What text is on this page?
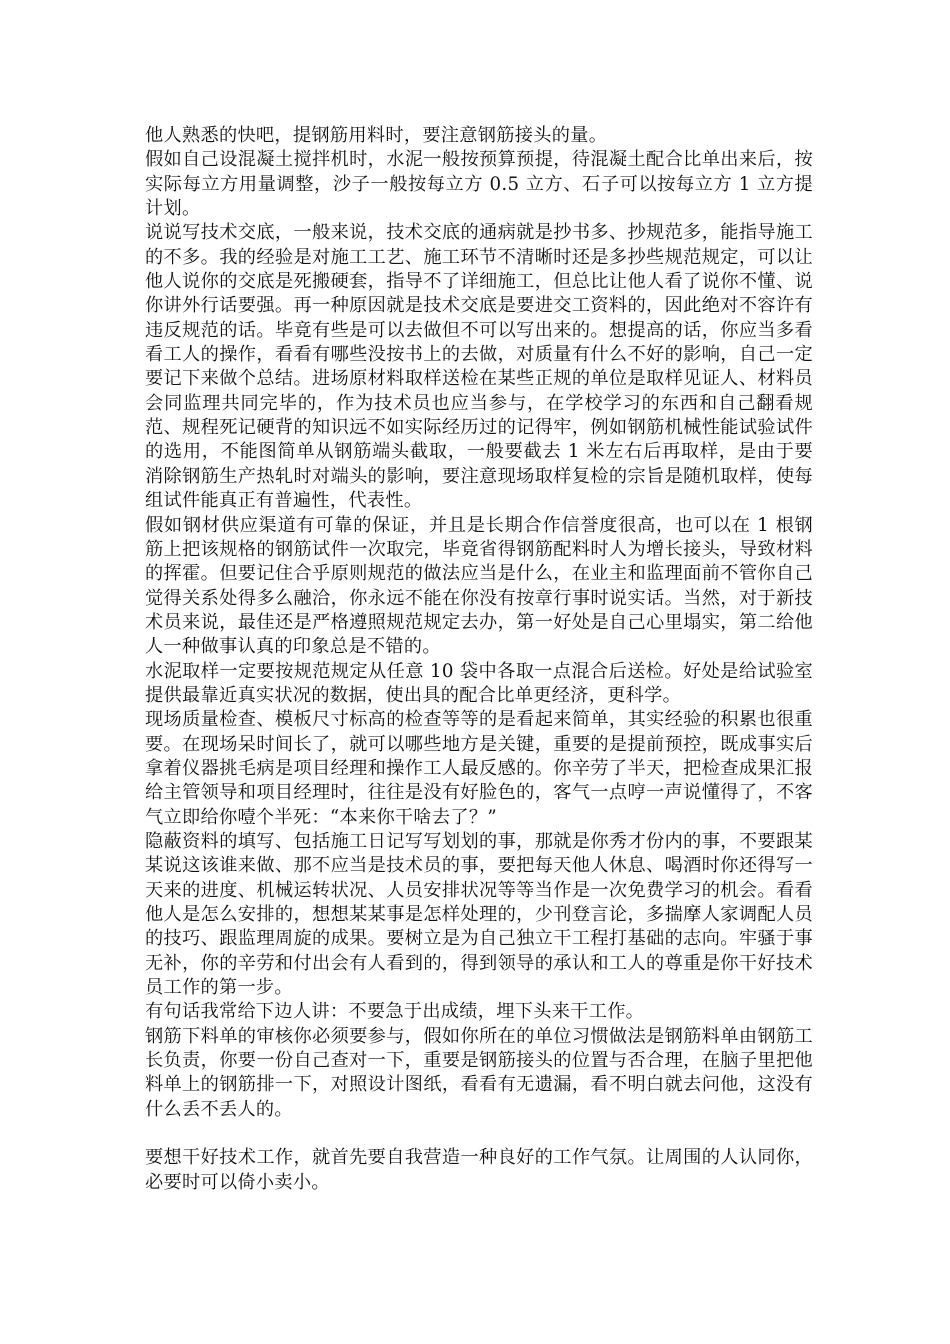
他人熟悉的快吧，提钢筋用料时，要注意钢筋接头的量。

假如自己设混凝土搅拌机时，水泥一般按预算预提，待混凝土配合比单出来后，按实际每立方用量调整，沙子一般按每立方 0.5 立方、石子可以按每立方 1 立方提计划。

说说写技术交底，一般来说，技术交底的通病就是抄书多、抄规范多，能指导施工的不多。我的经验是对施工工艺、施工环节不清晰时还是多抄些规范规定，可以让他人说你的交底是死搬硬套，指导不了详细施工，但总比让他人看了说你不懂、说你讲外行话要强。再一种原因就是技术交底是要进交工资料的，因此绝对不容许有违反规范的话。毕竟有些是可以去做但不可以写出来的。想提高的话，你应当多看看工人的操作，看看有哪些没按书上的去做，对质量有什么不好的影响，自己一定要记下来做个总结。进场原材料取样送检在某些正规的单位是取样见证人、材料员会同监理共同完毕的，作为技术员也应当参与，在学校学习的东西和自己翻看规范、规程死记硬背的知识远不如实际经历过的记得牢，例如钢筋机械性能试验试件的选用，不能图简单从钢筋端头截取，一般要截去 1 米左右后再取样，是由于要消除钢筋生产热轧时对端头的影响，要注意现场取样复检的宗旨是随机取样，使每组试件能真正有普遍性，代表性。

假如钢材供应渠道有可靠的保证，并且是长期合作信誉度很高，也可以在 1 根钢筋上把该规格的钢筋试件一次取完，毕竟省得钢筋配料时人为增长接头，导致材料的挥霍。但要记住合乎原则规范的做法应当是什么，在业主和监理面前不管你自己觉得关系处得多么融洽，你永远不能在你没有按章行事时说实话。当然，对于新技术员来说，最佳还是严格遵照规范规定去办，第一好处是自己心里塌实，第二给他人一种做事认真的印象总是不错的。

水泥取样一定要按规范规定从任意 10 袋中各取一点混合后送检。好处是给试验室提供最靠近真实状况的数据，使出具的配合比单更经济，更科学。

现场质量检查、模板尺寸标高的检查等等的是看起来简单，其实经验的积累也很重要。在现场呆时间长了，就可以哪些地方是关键，重要的是提前预控，既成事实后拿着仪器挑毛病是项目经理和操作工人最反感的。你辛劳了半天，把检查成果汇报给主管领导和项目经理时，往往是没有好脸色的，客气一点哼一声说懂得了，不客气立即给你噎个半死：“本来你干啥去了？”

隐蔽资料的填写、包括施工日记写写划划的事，那就是你秀才份内的事，不要跟某某说这该谁来做、那不应当是技术员的事，要把每天他人休息、喝酒时你还得写一天来的进度、机械运转状况、人员安排状况等等当作是一次免费学习的机会。看看他人是怎么安排的，想想某某事是怎样处理的，少刊登言论，多揣摩人家调配人员的技巧、跟监理周旋的成果。要树立是为自己独立干工程打基础的志向。牢骚于事无补，你的辛劳和付出会有人看到的，得到领导的承认和工人的尊重是你干好技术员工作的第一步。

有句话我常给下边人讲：不要急于出成绩，埋下头来干工作。

钢筋下料单的审核你必须要参与，假如你所在的单位习惯做法是钢筋料单由钢筋工长负责，你要一份自己查对一下，重要是钢筋接头的位置与否合理，在脑子里把他料单上的钢筋排一下，对照设计图纸，看看有无遗漏，看不明白就去问他，这没有什么丢不丢人的。

要想干好技术工作，就首先要自我营造一种良好的工作气氛。让周围的人认同你，必要时可以倚小卖小。
